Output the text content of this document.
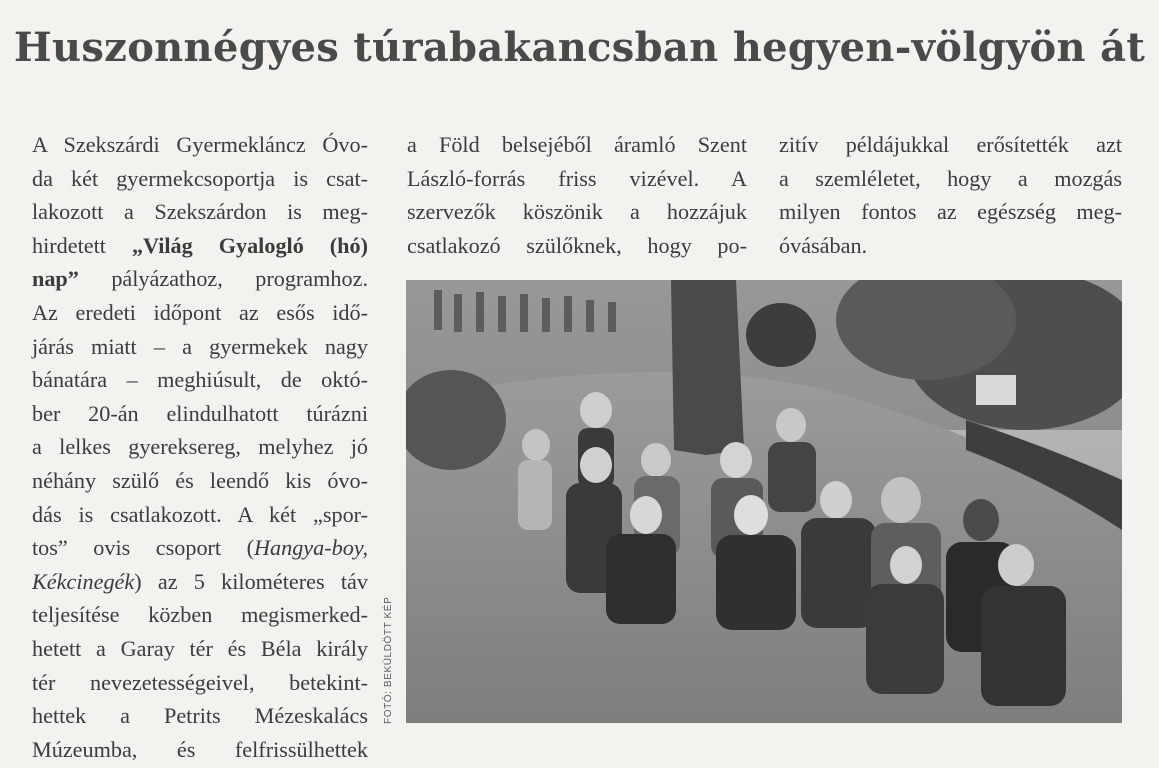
Huszonnégyes túrabakancsban hegyen-völgyön át
A Szekszárdi Gyermekláncz Óvo-
da két gyermekcsoportja is csat-
lakozott a Szekszárdon is meg-
hirdetett „Világ Gyalogló (hó)
nap” pályázathoz, programhoz.
Az eredeti időpont az esős idő-
járás miatt – a gyermekek nagy
bánatára – meghiúsult, de októ-
ber 20-án elindulhatott túrázni
a lelkes gyereksereg, melyhez jó
néhány szülő és leendő kis óvo-
dás is csatlakozott. A két „spor-
tos” ovis csoport (Hangya-boy,
Kékcinegék) az 5 kilométeres táv
teljesítése közben megismerked-
hetett a Garay tér és Béla király
tér nevezetességeivel, betekint-
hettek a Petrits Mézeskalács
Múzeumba, és felfrissülhettek
a Föld belsejéből áramló Szent
László-forrás friss vizével. A
szervezők köszönik a hozzájuk
csatlakozó szülőknek, hogy po-
zitív példájukkal erősítették azt
a szemléletet, hogy a mozgás
milyen fontos az egészség meg-
óvásában.
FOTÓ: BEKÜLDÖTT KÉP
